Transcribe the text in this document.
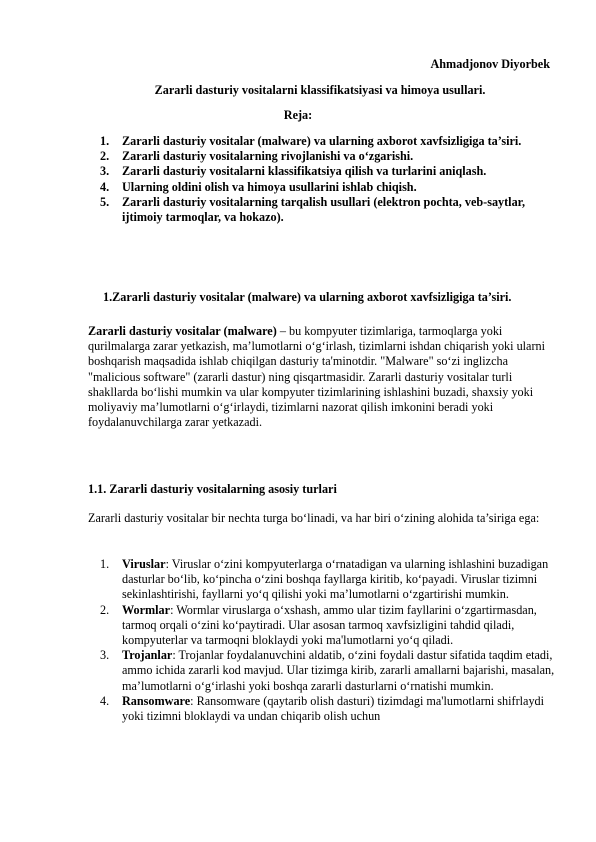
Ahmadjonov Diyorbek
Zararli dasturiy vositalarni klassifikatsiyasi va himoya usullari.
Reja:
1. Zararli dasturiy vositalar (malware) va ularning axborot xavfsizligiga ta’siri.
2. Zararli dasturiy vositalarning rivojlanishi va o‘zgarishi.
3. Zararli dasturiy vositalarni klassifikatsiya qilish va turlarini aniqlash.
4. Ularning oldini olish va himoya usullarini ishlab chiqish.
5. Zararli dasturiy vositalarning tarqalish usullari (elektron pochta, veb-saytlar, ijtimoiy tarmoqlar, va hokazo).
1.Zararli dasturiy vositalar (malware) va ularning axborot xavfsizligiga ta’siri.
Zararli dasturiy vositalar (malware) – bu kompyuter tizimlariga, tarmoqlarga yoki qurilmalarga zarar yetkazish, ma’lumotlarni o‘g‘irlash, tizimlarni ishdan chiqarish yoki ularni boshqarish maqsadida ishlab chiqilgan dasturiy ta'minotdir. "Malware" so‘zi inglizcha "malicious software" (zararli dastur) ning qisqartmasidir. Zararli dasturiy vositalar turli shakllarda bo‘lishi mumkin va ular kompyuter tizimlarining ishlashini buzadi, shaxsiy yoki moliyaviy ma’lumotlarni o‘g‘irlaydi, tizimlarni nazorat qilish imkonini beradi yoki foydalanuvchilarga zarar yetkazadi.
1.1. Zararli dasturiy vositalarning asosiy turlari
Zararli dasturiy vositalar bir nechta turga bo‘linadi, va har biri o‘zining alohida ta’siriga ega:
1. Viruslar: Viruslar o‘zini kompyuterlarga o‘rnatadigan va ularning ishlashini buzadigan dasturlar bo‘lib, ko‘pincha o‘zini boshqa fayllarga kiritib, ko‘payadi. Viruslar tizimni sekinlashtirishi, fayllarni yo‘q qilishi yoki ma’lumotlarni o‘zgartirishi mumkin.
2. Wormlar: Wormlar viruslarga o‘xshash, ammo ular tizim fayllarini o‘zgartirmasdan, tarmoq orqali o‘zini ko‘paytiradi. Ular asosan tarmoq xavfsizligini tahdid qiladi, kompyuterlar va tarmoqni bloklaydi yoki ma'lumotlarni yo‘q qiladi.
3. Trojanlar: Trojanlar foydalanuvchini aldatib, o‘zini foydali dastur sifatida taqdim etadi, ammo ichida zararli kod mavjud. Ular tizimga kirib, zararli amallarni bajarishi, masalan, ma’lumotlarni o‘g‘irlashi yoki boshqa zararli dasturlarni o‘rnatishi mumkin.
4. Ransomware: Ransomware (qaytarib olish dasturi) tizimdagi ma'lumotlarni shifrlaydi yoki tizimni bloklaydi va undan chiqarib olish uchun
